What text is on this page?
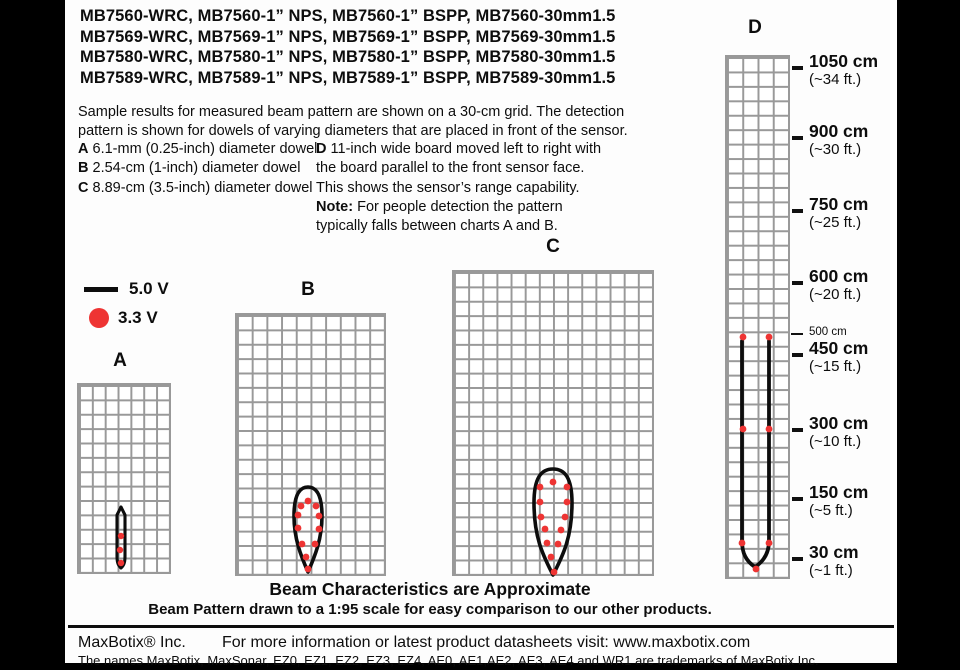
MB7560-WRC, MB7560-1” NPS, MB7560-1” BSPP, MB7560-30mm1.5
MB7569-WRC, MB7569-1” NPS, MB7569-1” BSPP, MB7569-30mm1.5
MB7580-WRC, MB7580-1” NPS, MB7580-1” BSPP, MB7580-30mm1.5
MB7589-WRC, MB7589-1” NPS, MB7589-1” BSPP, MB7589-30mm1.5
Sample results for measured beam pattern are shown on a 30-cm grid. The detection
pattern is shown for dowels of varying diameters that are placed in front of the sensor.
A 6.1-mm (0.25-inch) diameter dowel
B 2.54-cm (1-inch) diameter dowel
C 8.89-cm (3.5-inch) diameter dowel
D 11-inch wide board moved left to right with
the board parallel to the front sensor face.
This shows the sensor’s range capability.
Note: For people detection the pattern
typically falls between charts A and B.
5.0 V
3.3 V
A
B
C
D
1050 cm
(~34 ft.)
900 cm
(~30 ft.)
750 cm
(~25 ft.)
600 cm
(~20 ft.)
500 cm
450 cm
(~15 ft.)
300 cm
(~10 ft.)
150 cm
(~5 ft.)
30 cm
(~1 ft.)
Beam Characteristics are Approximate
Beam Pattern drawn to a 1:95 scale for easy comparison to our other products.
MaxBotix® Inc. For more information or latest product datasheets visit: www.maxbotix.com
The names MaxBotix, MaxSonar, EZ0, EZ1, EZ2, EZ3, EZ4, AE0, AE1,AE2, AE3, AE4 and WR1 are trademarks of MaxBotix Inc.
